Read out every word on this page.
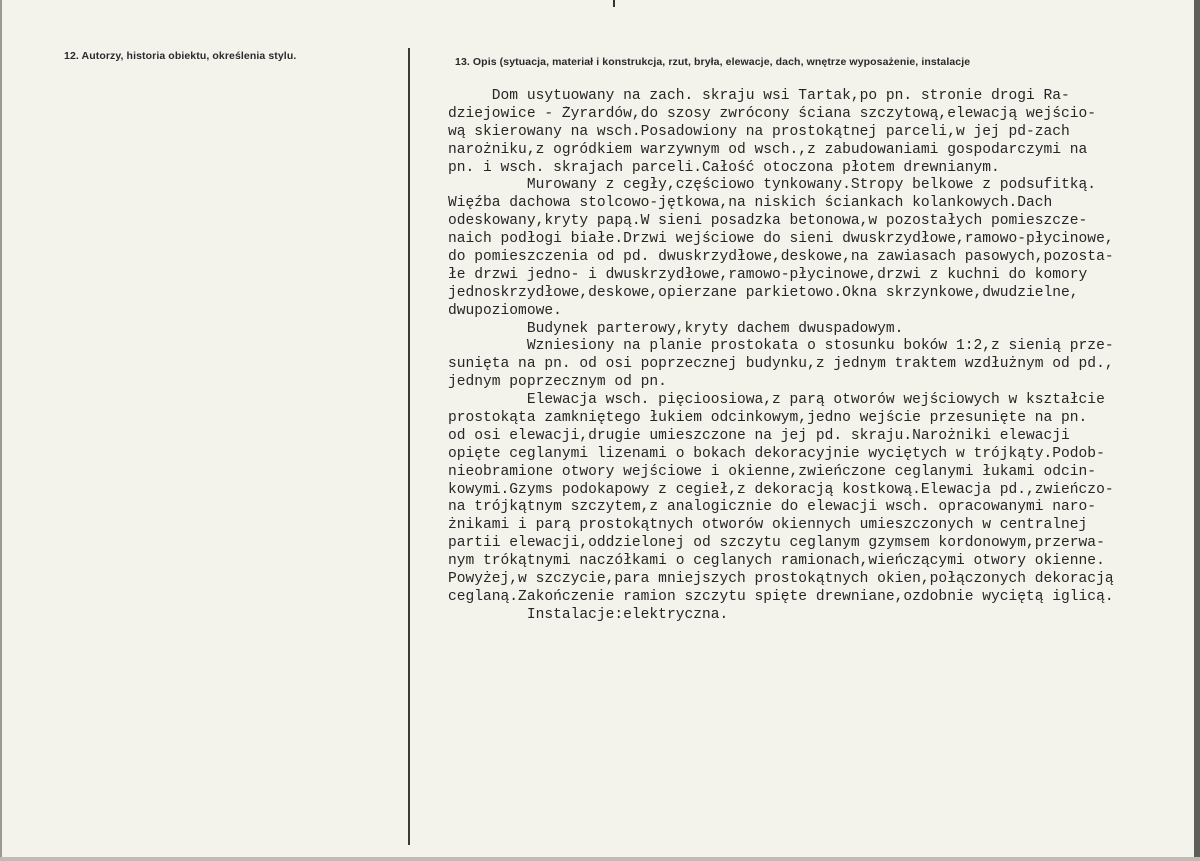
12. Autorzy, historia obiektu, określenia stylu.	13. Opis (sytuacja, materiał i konstrukcja, rzut, bryła, elewacje, dach, wnętrze wyposażenie, instalacje
Dom usytuowany na zach. skraju wsi Tartak,po pn. stronie drogi Ra-
dziejowice - Żyrardów,do szosy zwrócony ściana szczytową,elewacją wejścio-
wą skierowany na wsch.Posadowiony na prostokątnej parceli,w jej pd-zach
narożniku,z ogródkiem warzywnym od wsch.,z zabudowaniami gospodarczymi na
pn. i wsch. skrajach parceli.Całość otoczona płotem drewnianym.
Murowany z cegły,częściowo tynkowany.Stropy belkowe z podsufitką.
Więźba dachowa stolcowo-jętkowa,na niskich ściankach kolankowych.Dach
odeskowany,kryty papą.W sieni posadzka betonowa,w pozostałych pomieszcze-
naich podłogi białe.Drzwi wejściowe do sieni dwuskrzydłowe,ramowo-płycinowe,
do pomieszczenia od pd. dwuskrzydłowe,deskowe,na zawiasach pasowych,pozosta-
łe drzwi jedno- i dwuskrzydłowe,ramowo-płycinowe,drzwi z kuchni do komory
jednoskrzydłowe,deskowe,opierzane parkietowo.Okna skrzynkowe,dwudzielne,
dwupoziomowe.
Budynek parterowy,kryty dachem dwuspadowym.
Wzniesiony na planie prostokata o stosunku boków 1:2,z sienią prze-
sunięta na pn. od osi poprzecznej budynku,z jednym traktem wzdłużnym od pd.,
jednym poprzecznym od pn.
Elewacja wsch. pięcioosiowa,z parą otworów wejściowych w kształcie
prostokąta zamkniętego łukiem odcinkowym,jedno wejście przesunięte na pn.
od osi elewacji,drugie umieszczone na jej pd. skraju.Narożniki elewacji
opięte ceglanymi lizenami o bokach dekoracyjnie wyciętych w trójkąty.Podob-
nieobramione otwory wejściowe i okienne,zwieńczone ceglanymi łukami odcin-
kowymi.Gzyms podokapowy z cegieł,z dekoracją kostkową.Elewacja pd.,zwieńczo-
na trójkątnym szczytem,z analogicznie do elewacji wsch. opracowanymi naro-
żnikami i parą prostokątnych otworów okiennych umieszczonych w centralnej
partii elewacji,oddzielonej od szczytu ceglanym gzymsem kordonowym,przerwa-
nym trókątnymi naczółkami o ceglanych ramionach,wieńczącymi otwory okienne.
Powyżej,w szczycie,para mniejszych prostokątnych okien,połączonych dekoracją
ceglaną.Zakończenie ramion szczytu spięte drewniane,ozdobnie wyciętą iglicą.
Instalacje:elektryczna.
